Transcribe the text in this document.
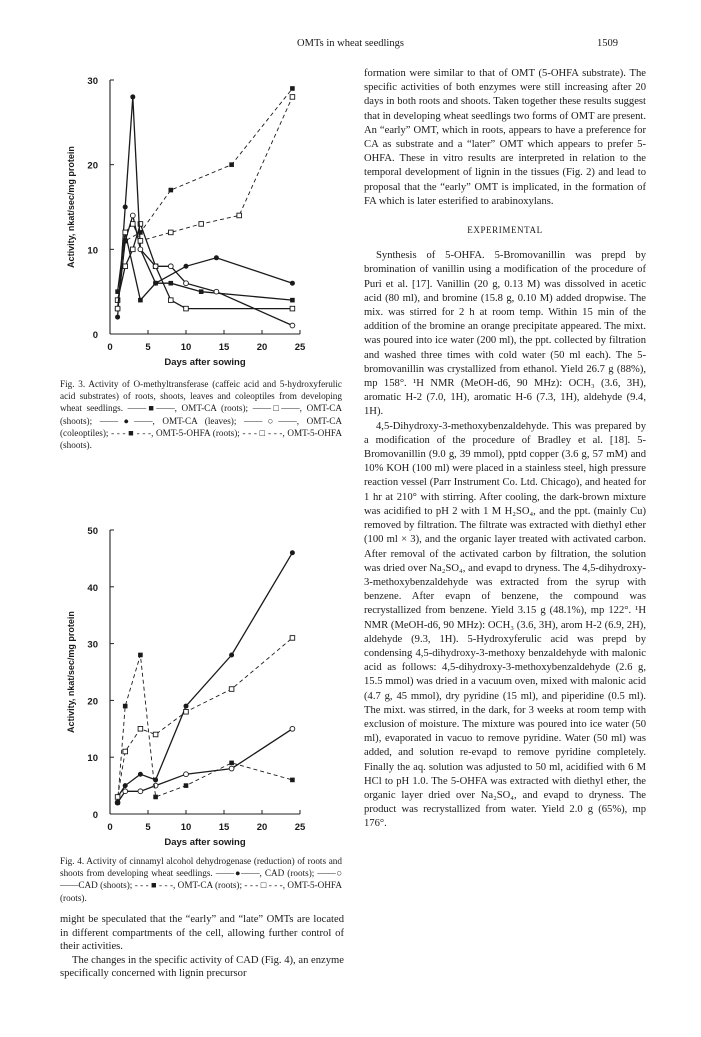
OMTs in wheat seedlings	1509
0	5	10	15	20	25
0
10
20
30
Days after sowing
Activity, nkat/sec/mg protein
Fig. 3. Activity of O-methyltransferase (caffeic acid and 5-hydroxyferulic acid substrates) of roots, shoots, leaves and coleoptiles from developing wheat seedlings. ——■——, OMT-CA (roots); ——□——, OMT-CA (shoots); ——●——, OMT-CA (leaves); ——○——, OMT-CA (coleoptiles); - - - ■ - - -, OMT-5-OHFA (roots); - - - □ - - -, OMT-5-OHFA (shoots).
0	5	10	15	20	25
0
10
20
30
40
50
Days after sowing
Activity, nkat/sec/mg protein
Fig. 4. Activity of cinnamyl alcohol dehydrogenase (reduction) of roots and shoots from developing wheat seedlings. ——●——, CAD (roots); ——○——CAD (shoots); - - - ■ - - -, OMT-CA (roots); - - - □ - - -, OMT-5-OHFA (roots).

might be speculated that the “early” and “late” OMTs are located in different compartments of the cell, allowing further control of their activities.

The changes in the specific activity of CAD (Fig. 4), an enzyme specifically concerned with lignin precursor

formation were similar to that of OMT (5-OHFA substrate). The specific activities of both enzymes were still increasing after 20 days in both roots and shoots. Taken together these results suggest that in developing wheat seedlings two forms of OMT are present. An “early” OMT, which in roots, appears to have a preference for CA as substrate and a “later” OMT which appears to prefer 5-OHFA. These in vitro results are interpreted in relation to the temporal development of lignin in the tissues (Fig. 2) and lead to proposal that the “early” OMT is implicated, in the formation of FA which is later esterified to arabinoxylans.

EXPERIMENTAL

Synthesis of 5-OHFA. 5-Bromovanillin was prepd by bromination of vanillin using a modification of the procedure of Puri et al. [17]. Vanillin (20 g, 0.13 M) was dissolved in acetic acid (80 ml), and bromine (15.8 g, 0.10 M) added dropwise. The mix. was stirred for 2 h at room temp. Within 15 min of the addition of the bromine an orange precipitate appeared. The mixt. was poured into ice water (200 ml), the ppt. collected by filtration and washed three times with cold water (50 ml each). The 5-bromovanillin was crystallized from ethanol. Yield 26.7 g (88%), mp 158°. ¹H NMR (MeOH-d6, 90 MHz): OCH₃ (3.6, 3H), aromatic H-2 (7.0, 1H), aromatic H-6 (7.3, 1H), aldehyde (9.4, 1H).

4,5-Dihydroxy-3-methoxybenzaldehyde. This was prepared by a modification of the procedure of Bradley et al. [18]. 5-Bromovanillin (9.0 g, 39 mmol), pptd copper (3.6 g, 57 mM) and 10% KOH (100 ml) were placed in a stainless steel, high pressure reaction vessel (Parr Instrument Co. Ltd. Chicago), and heated for 1 hr at 210° with stirring. After cooling, the dark-brown mixture was acidified to pH 2 with 1 M H₂SO₄, and the ppt. (mainly Cu) removed by filtration. The filtrate was extracted with diethyl ether (100 ml × 3), and the organic layer treated with activated carbon. After removal of the activated carbon by filtration, the solution was dried over Na₂SO₄, and evapd to dryness. The 4,5-dihydroxy-3-methoxybenzaldehyde was extracted from the syrup with benzene. After evapn of benzene, the compound was recrystallized from benzene. Yield 3.15 g (48.1%), mp 122°. ¹H NMR (MeOH-d6, 90 MHz): OCH₃ (3.6, 3H), arom H-2 (6.9, 2H), aldehyde (9.3, 1H). 5-Hydroxyferulic acid was prepd by condensing 4,5-dihydroxy-3-methoxy benzaldehyde with malonic acid as follows: 4,5-dihydroxy-3-methoxybenzaldehyde (2.6 g, 15.5 mmol) was dried in a vacuum oven, mixed with malonic acid (4.7 g, 45 mmol), dry pyridine (15 ml), and piperidine (0.5 ml). The mixt. was stirred, in the dark, for 3 weeks at room temp with exclusion of moisture. The mixture was poured into ice water (50 ml), evaporated in vacuo to remove pyridine. Water (50 ml) was added, and solution re-evapd to remove pyridine completely. Finally the aq. solution was adjusted to 50 ml, acidified with 6 M HCl to pH 1.0. The 5-OHFA was extracted with diethyl ether, the organic layer dried over Na₂SO₄, and evapd to dryness. The product was recrystallized from water. Yield 2.0 g (65%), mp 176°.
